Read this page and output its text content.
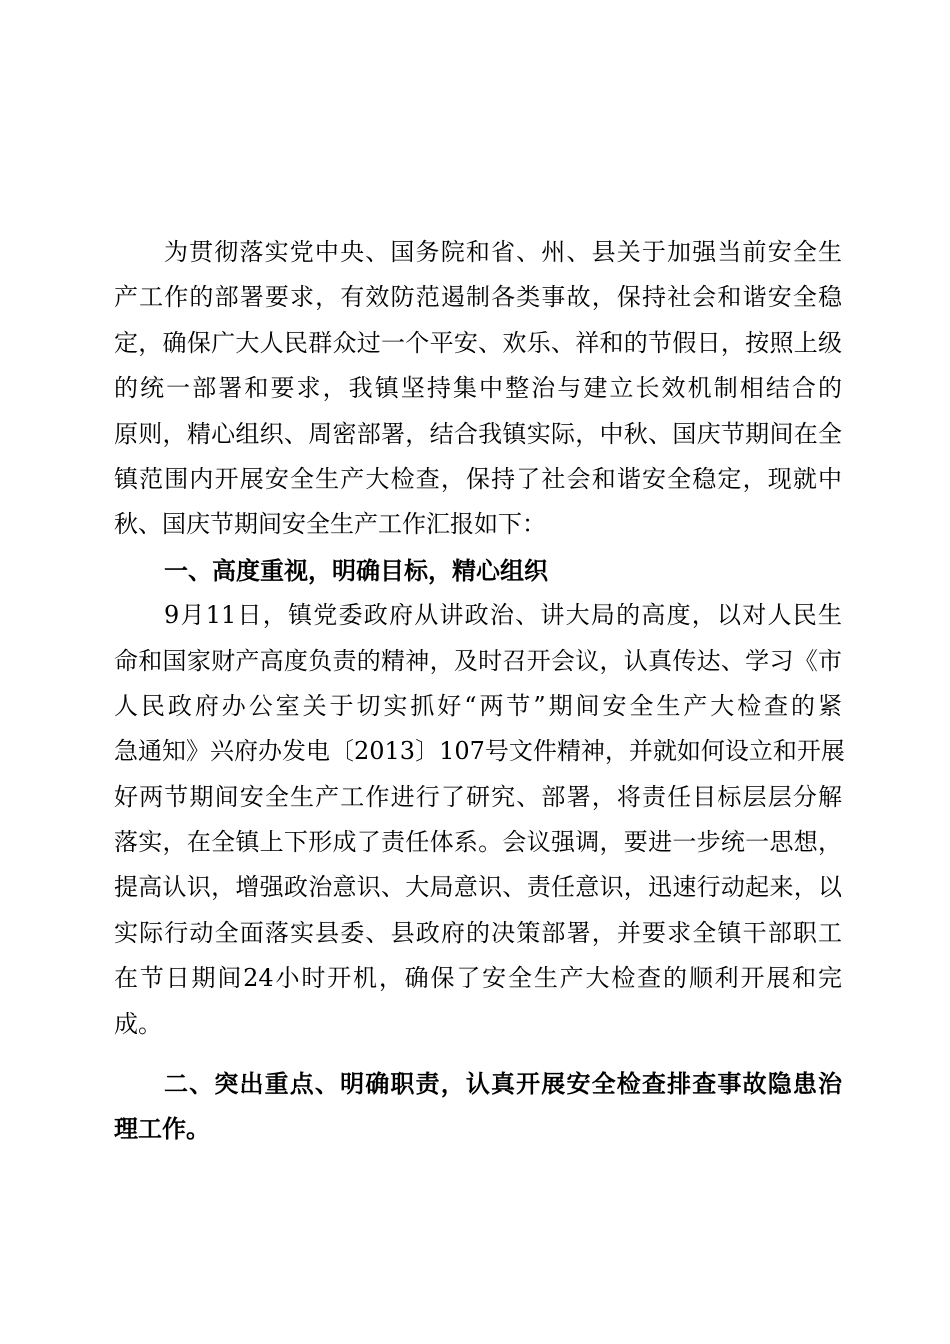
为贯彻落实党中央、国务院和省、州、县关于加强当前安全生
产工作的部署要求，有效防范遏制各类事故，保持社会和谐安全稳
定，确保广大人民群众过一个平安、欢乐、祥和的节假日，按照上级
的统一部署和要求，我镇坚持集中整治与建立长效机制相结合的
原则，精心组织、周密部署，结合我镇实际，中秋、国庆节期间在全
镇范围内开展安全生产大检查，保持了社会和谐安全稳定，现就中
秋、国庆节期间安全生产工作汇报如下：
一、高度重视，明确目标，精心组织
9月11日，镇党委政府从讲政治、讲大局的高度，以对人民生
命和国家财产高度负责的精神，及时召开会议，认真传达、学习《市
人民政府办公室关于切实抓好“两节”期间安全生产大检查的紧
急通知》兴府办发电〔2013〕107号文件精神，并就如何设立和开展
好两节期间安全生产工作进行了研究、部署，将责任目标层层分解
落实，在全镇上下形成了责任体系。会议强调，要进一步统一思想，
提高认识，增强政治意识、大局意识、责任意识，迅速行动起来，以
实际行动全面落实县委、县政府的决策部署，并要求全镇干部职工
在节日期间24小时开机，确保了安全生产大检查的顺利开展和完
成。
二、突出重点、明确职责，认真开展安全检查排查事故隐患治
理工作。
